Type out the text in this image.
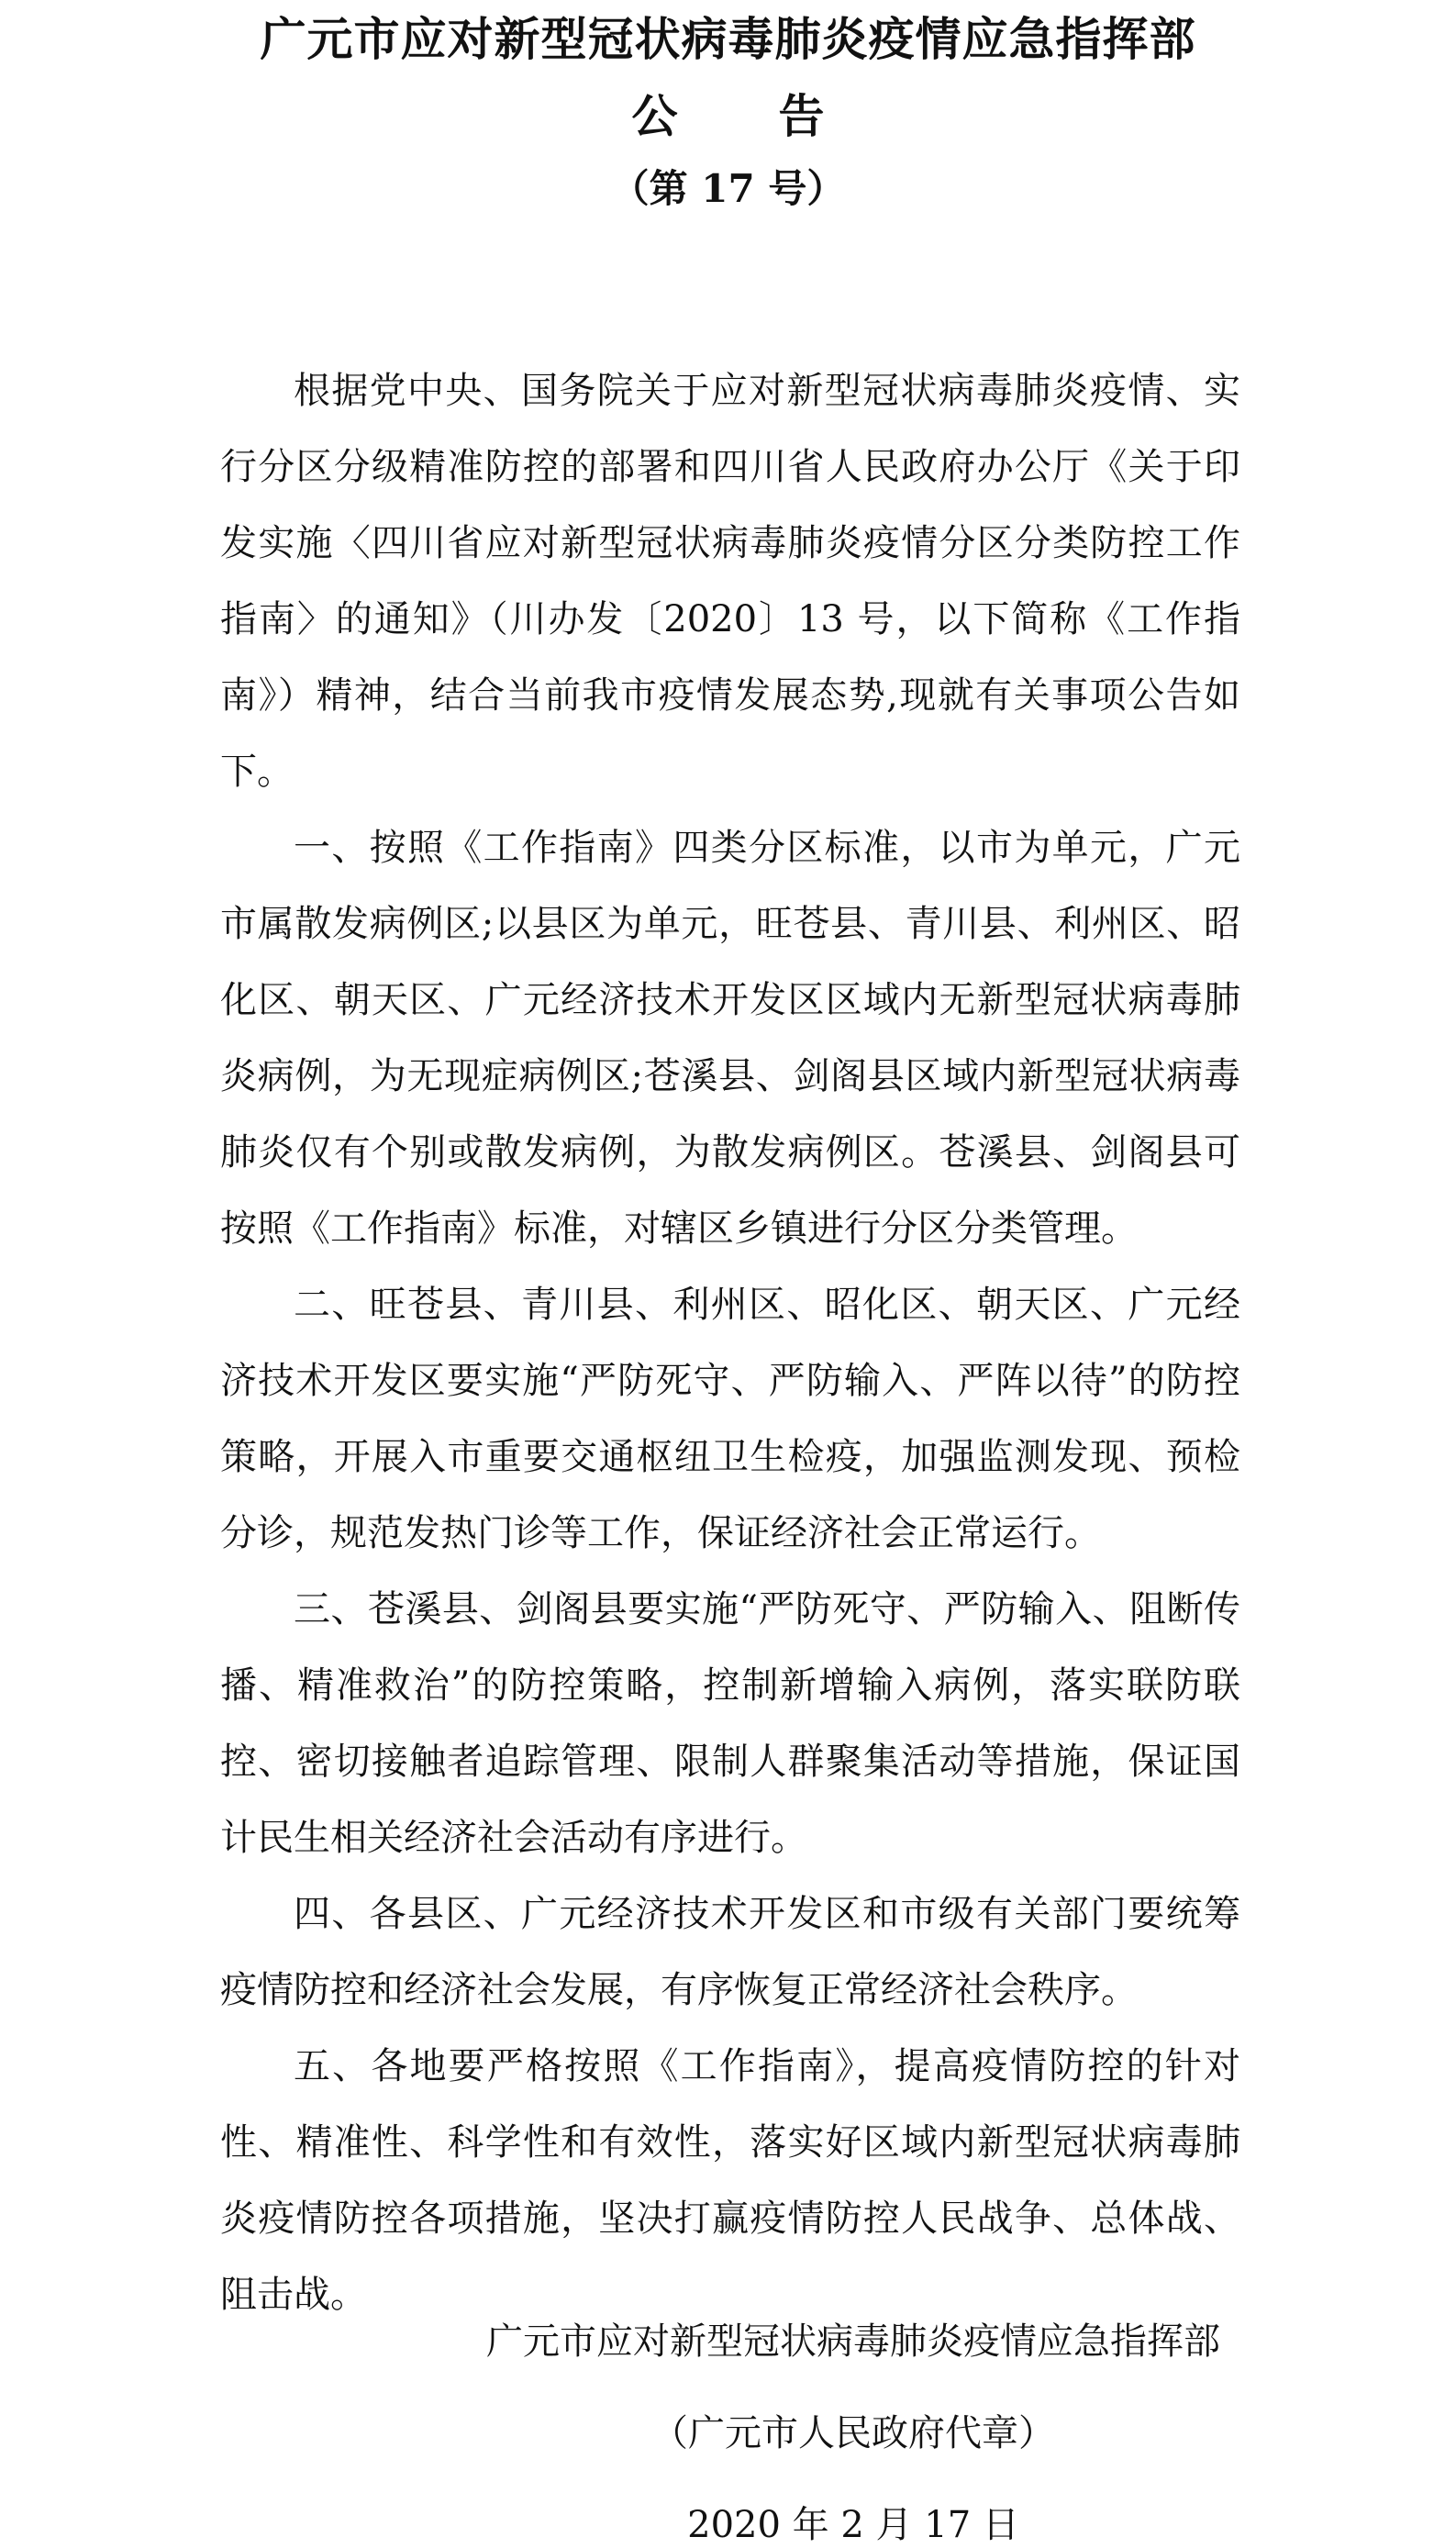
广元市应对新型冠状病毒肺炎疫情应急指挥部
公 告
（第 17 号）

根据党中央、国务院关于应对新型冠状病毒肺炎疫情、实行分区分级精准防控的部署和四川省人民政府办公厅《关于印发实施〈四川省应对新型冠状病毒肺炎疫情分区分类防控工作指南〉的通知》（川办发〔2020〕13 号，以下简称《工作指南》）精神，结合当前我市疫情发展态势,现就有关事项公告如下。

一、按照《工作指南》四类分区标准，以市为单元，广元市属散发病例区;以县区为单元，旺苍县、青川县、利州区、昭化区、朝天区、广元经济技术开发区区域内无新型冠状病毒肺炎病例，为无现症病例区;苍溪县、剑阁县区域内新型冠状病毒肺炎仅有个别或散发病例，为散发病例区。苍溪县、剑阁县可按照《工作指南》标准，对辖区乡镇进行分区分类管理。

二、旺苍县、青川县、利州区、昭化区、朝天区、广元经济技术开发区要实施“严防死守、严防输入、严阵以待”的防控策略，开展入市重要交通枢纽卫生检疫，加强监测发现、预检分诊，规范发热门诊等工作，保证经济社会正常运行。

三、苍溪县、剑阁县要实施“严防死守、严防输入、阻断传播、精准救治”的防控策略，控制新增输入病例，落实联防联控、密切接触者追踪管理、限制人群聚集活动等措施，保证国计民生相关经济社会活动有序进行。

四、各县区、广元经济技术开发区和市级有关部门要统筹疫情防控和经济社会发展，有序恢复正常经济社会秩序。

五、各地要严格按照《工作指南》，提高疫情防控的针对性、精准性、科学性和有效性，落实好区域内新型冠状病毒肺炎疫情防控各项措施，坚决打赢疫情防控人民战争、总体战、阻击战。

广元市应对新型冠状病毒肺炎疫情应急指挥部
（广元市人民政府代章）
2020 年 2 月 17 日
